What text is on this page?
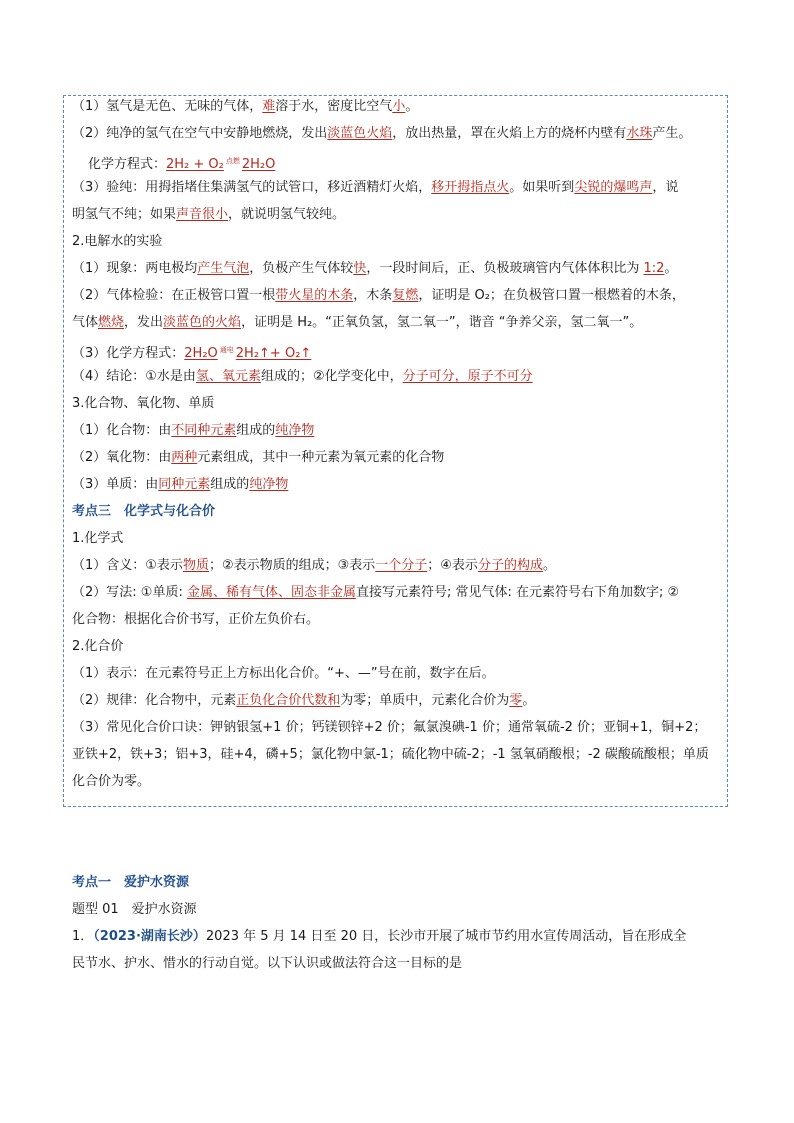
（1）氢气是无色、无味的气体，难溶于水，密度比空气小。
（2）纯净的氢气在空气中安静地燃烧，发出淡蓝色火焰，放出热量，罩在火焰上方的烧杯内壁有水珠产生。
化学方程式：2H₂ + O₂ $^{点燃}$ 2H₂O
（3）验纯：用拇指堵住集满氢气的试管口，移近酒精灯火焰，移开拇指点火。如果听到尖锐的爆鸣声，说
明氢气不纯；如果声音很小，就说明氢气较纯。
2.电解水的实验
（1）现象：两电极均产生气泡，负极产生气体较快，一段时间后，正、负极玻璃管内气体体积比为 1:2。
（2）气体检验：在正极管口置一根带火星的木条，木条复燃，证明是 O₂；在负极管口置一根燃着的木条，
气体燃烧，发出淡蓝色的火焰，证明是 H₂。“正氧负氢，氢二氧一”，谐音 “争养父亲，氢二氧一”。
（3）化学方程式：2H₂O $^{通电}$ 2H₂↑+ O₂↑
（4）结论：①水是由氢、氧元素组成的；②化学变化中，分子可分，原子不可分
3.化合物、氧化物、单质
（1）化合物：由不同种元素组成的纯净物
（2）氧化物：由两种元素组成，其中一种元素为氧元素的化合物
（3）单质：由同种元素组成的纯净物
考点三　化学式与化合价
1.化学式
（1）含义：①表示物质；②表示物质的组成；③表示一个分子；④表示分子的构成。
（2）写法: ①单质: 金属、稀有气体、固态非金属直接写元素符号; 常见气体: 在元素符号右下角加数字; ②
化合物：根据化合价书写，正价左负价右。
2.化合价
（1）表示：在元素符号正上方标出化合价。“+、—”号在前，数字在后。
（2）规律：化合物中，元素正负化合价代数和为零；单质中，元素化合价为零。
（3）常见化合价口诀：钾钠银氢+1 价；钙镁钡锌+2 价；氟氯溴碘-1 价；通常氧硫-2 价；亚铜+1，铜+2；
亚铁+2，铁+3；铝+3，硅+4，磷+5；氯化物中氯-1；硫化物中硫-2；-1 氢氧硝酸根；-2 碳酸硫酸根；单质
化合价为零。
考点一　爱护水资源
题型 01　爱护水资源
1．（2023·湖南长沙）2023 年 5 月 14 日至 20 日，长沙市开展了城市节约用水宣传周活动，旨在形成全
民节水、护水、惜水的行动自觉。以下认识或做法符合这一目标的是
